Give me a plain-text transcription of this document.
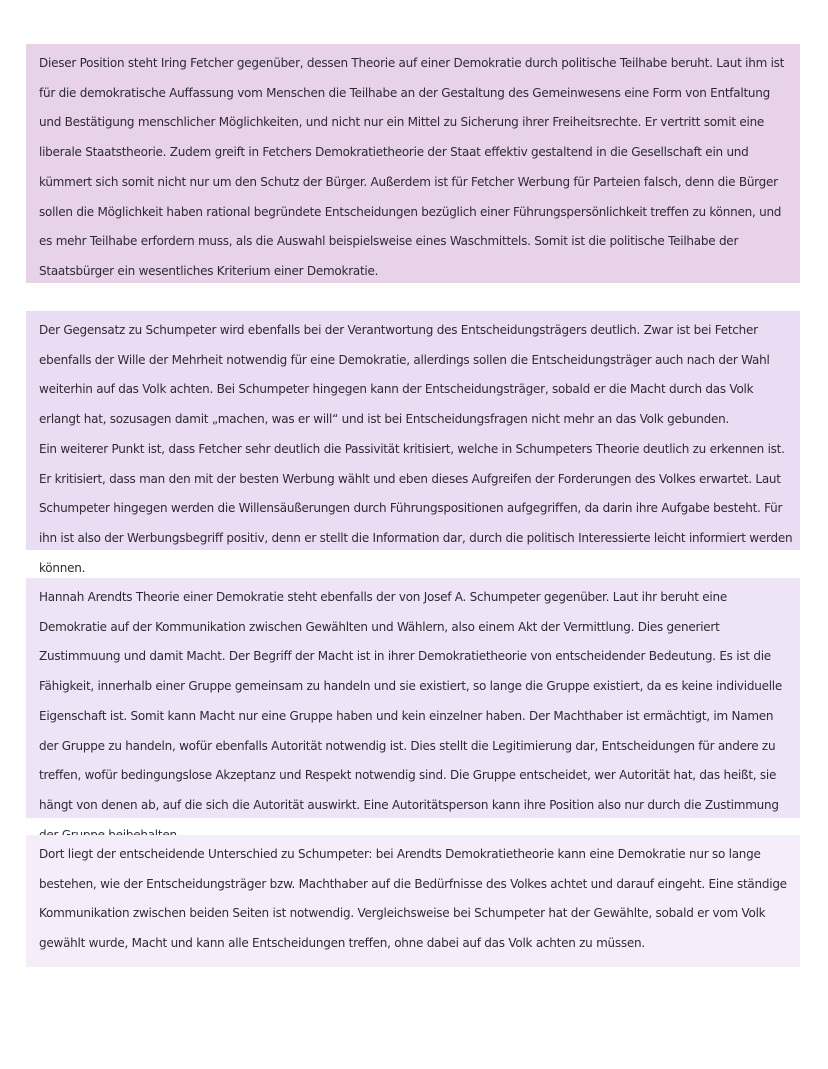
Dieser Position steht Iring Fetcher gegenüber, dessen Theorie auf einer Demokratie durch politische Teilhabe beruht. Laut ihm ist für die demokratische Auffassung vom Menschen die Teilhabe an der Gestaltung des Gemeinwesens eine Form von Entfaltung und Bestätigung menschlicher Möglichkeiten, und nicht nur ein Mittel zu Sicherung ihrer Freiheitsrechte. Er vertritt somit eine liberale Staatstheorie. Zudem greift in Fetchers Demokratietheorie der Staat effektiv gestaltend in die Gesellschaft ein und kümmert sich somit nicht nur um den Schutz der Bürger. Außerdem ist für Fetcher Werbung für Parteien falsch, denn die Bürger sollen die Möglichkeit haben rational begründete Entscheidungen bezüglich einer Führungspersönlichkeit treffen zu können, und es mehr Teilhabe erfordern muss, als die Auswahl beispielsweise eines Waschmittels. Somit ist die politische Teilhabe der Staatsbürger ein wesentliches Kriterium einer Demokratie.

Der Gegensatz zu Schumpeter wird ebenfalls bei der Verantwortung des Entscheidungsträgers deutlich. Zwar ist bei Fetcher ebenfalls der Wille der Mehrheit notwendig für eine Demokratie, allerdings sollen die Entscheidungsträger auch nach der Wahl weiterhin auf das Volk achten. Bei Schumpeter hingegen kann der Entscheidungsträger, sobald er die Macht durch das Volk erlangt hat, sozusagen damit „machen, was er will“ und ist bei Entscheidungsfragen nicht mehr an das Volk gebunden.

Ein weiterer Punkt ist, dass Fetcher sehr deutlich die Passivität kritisiert, welche in Schumpeters Theorie deutlich zu erkennen ist. Er kritisiert, dass man den mit der besten Werbung wählt und eben dieses Aufgreifen der Forderungen des Volkes erwartet. Laut Schumpeter hingegen werden die Willensäußerungen durch Führungspositionen aufgegriffen, da darin ihre Aufgabe besteht. Für ihn ist also der Werbungsbegriff positiv, denn er stellt die Information dar, durch die politisch Interessierte leicht informiert werden können.

Hannah Arendts Theorie einer Demokratie steht ebenfalls der von Josef A. Schumpeter gegenüber. Laut ihr beruht eine Demokratie auf der Kommunikation zwischen Gewählten und Wählern, also einem Akt der Vermittlung. Dies generiert Zustimmuung und damit Macht. Der Begriff der Macht ist in ihrer Demokratietheorie von entscheidender Bedeutung. Es ist die Fähigkeit, innerhalb einer Gruppe gemeinsam zu handeln und sie existiert, so lange die Gruppe existiert, da es keine individuelle Eigenschaft ist. Somit kann Macht nur eine Gruppe haben und kein einzelner haben. Der Machthaber ist ermächtigt, im Namen der Gruppe zu handeln, wofür ebenfalls Autorität notwendig ist. Dies stellt die Legitimierung dar, Entscheidungen für andere zu treffen, wofür bedingungslose Akzeptanz und Respekt notwendig sind. Die Gruppe entscheidet, wer Autorität hat, das heißt, sie hängt von denen ab, auf die sich die Autorität auswirkt. Eine Autoritätsperson kann ihre Position also nur durch die Zustimmung

Dort liegt der entscheidende Unterschied zu Schumpeter: bei Arendts Demokratietheorie kann eine Demokratie nur so lange bestehen, wie der Entscheidungsträger bzw. Machthaber auf die Bedürfnisse des Volkes achtet und darauf eingeht. Eine ständige Kommunikation zwischen beiden Seiten ist notwendig. Vergleichsweise bei Schumpeter hat der Gewählte, sobald er vom Volk gewählt wurde, Macht und kann alle Entscheidungen treffen, ohne dabei auf das Volk achten zu müssen.
